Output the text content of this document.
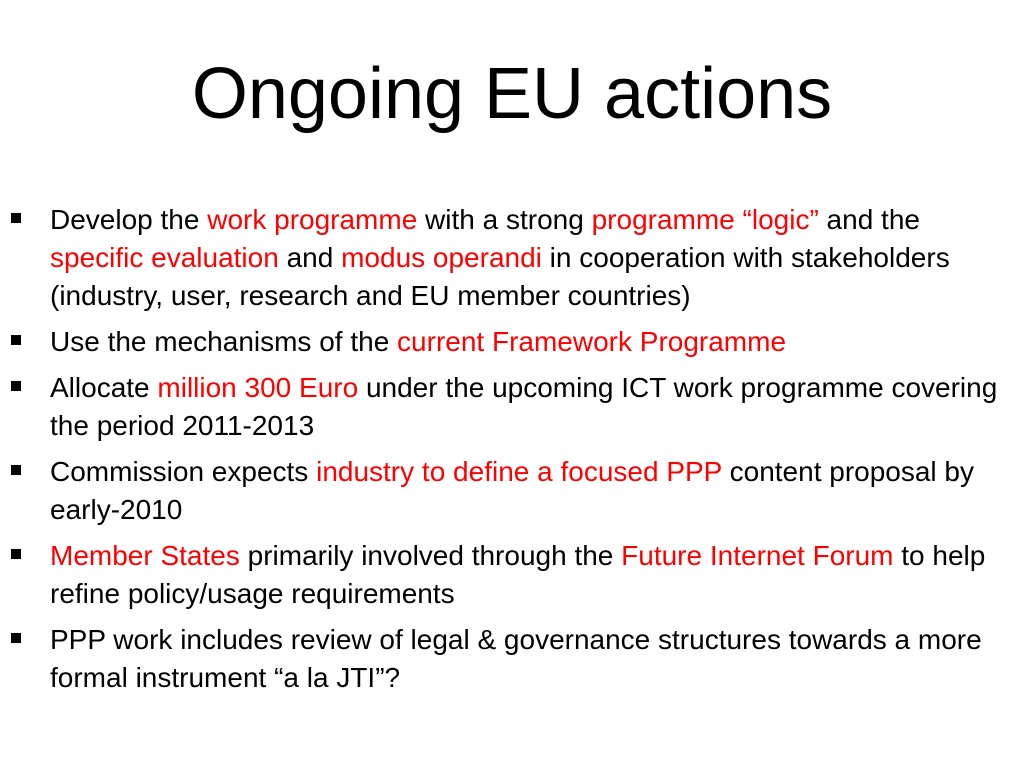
Ongoing EU actions
Develop the work programme with a strong programme “logic” and the specific evaluation and modus operandi in cooperation with stakeholders (industry, user, research and EU member countries)
Use the mechanisms of the current Framework Programme
Allocate million 300 Euro under the upcoming ICT work programme covering the period 2011-2013
Commission expects industry to define a focused PPP content proposal by early-2010
Member States primarily involved through the Future Internet Forum to help refine policy/usage requirements
PPP work includes review of legal & governance structures towards a more formal instrument “a la JTI”?
